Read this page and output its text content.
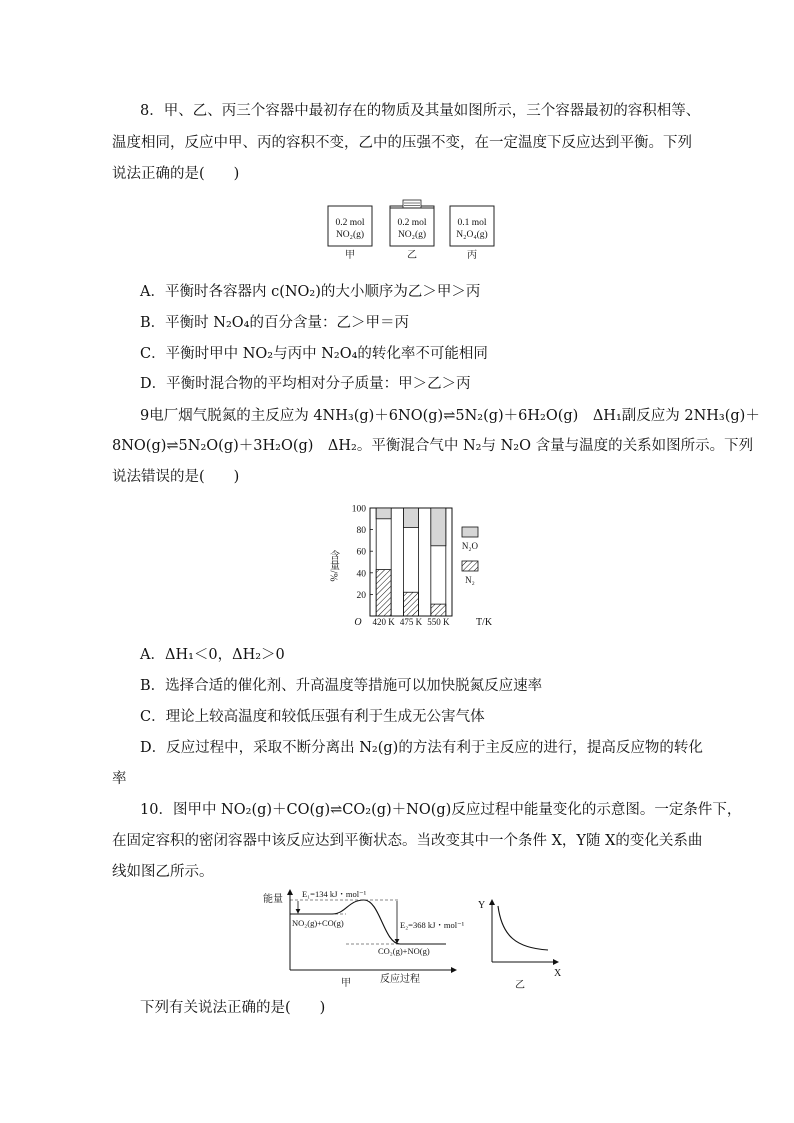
8．甲、乙、丙三个容器中最初存在的物质及其量如图所示，三个容器最初的容积相等、
温度相同，反应中甲、丙的容积不变，乙中的压强不变，在一定温度下反应达到平衡。下列
说法正确的是(　　)
0.2 mol
NO₂(g)
甲
0.2 mol
NO₂(g)
乙
0.1 mol
N₂O₄(g)
丙
A．平衡时各容器内 c(NO₂)的大小顺序为乙＞甲＞丙
B．平衡时 N₂O₄的百分含量：乙＞甲＝丙
C．平衡时甲中 NO₂与丙中 N₂O₄的转化率不可能相同
D．平衡时混合物的平均相对分子质量：甲＞乙＞丙
9电厂烟气脱氮的主反应为 4NH₃(g)＋6NO(g)⇌5N₂(g)＋6H₂O(g)　ΔH₁副反应为 2NH₃(g)＋
8NO(g)⇌5N₂O(g)＋3H₂O(g)　ΔH₂。平衡混合气中 N₂与 N₂O 含量与温度的关系如图所示。下列
说法错误的是(　　)
含量/%
O	T/K
20
40
60
80
100
420 K 475 K 550 K
N₂O
N₂
A．ΔH₁＜0，ΔH₂＞0
B．选择合适的催化剂、升高温度等措施可以加快脱氮反应速率
C．理论上较高温度和较低压强有利于生成无公害气体
D．反应过程中，采取不断分离出 N₂(g)的方法有利于主反应的进行，提高反应物的转化
率
10．图甲中 NO₂(g)＋CO(g)⇌CO₂(g)＋NO(g)反应过程中能量变化的示意图。一定条件下，
在固定容积的密闭容器中该反应达到平衡状态。当改变其中一个条件 X，Y随 X的变化关系曲
线如图乙所示。
能量 E₁=134 kJ・mol⁻¹
E₂=368 kJ・mol⁻¹
NO₂(g)+CO(g)
CO₂(g)+NO(g)
反应过程
甲
Y
X
乙
下列有关说法正确的是(　　)
